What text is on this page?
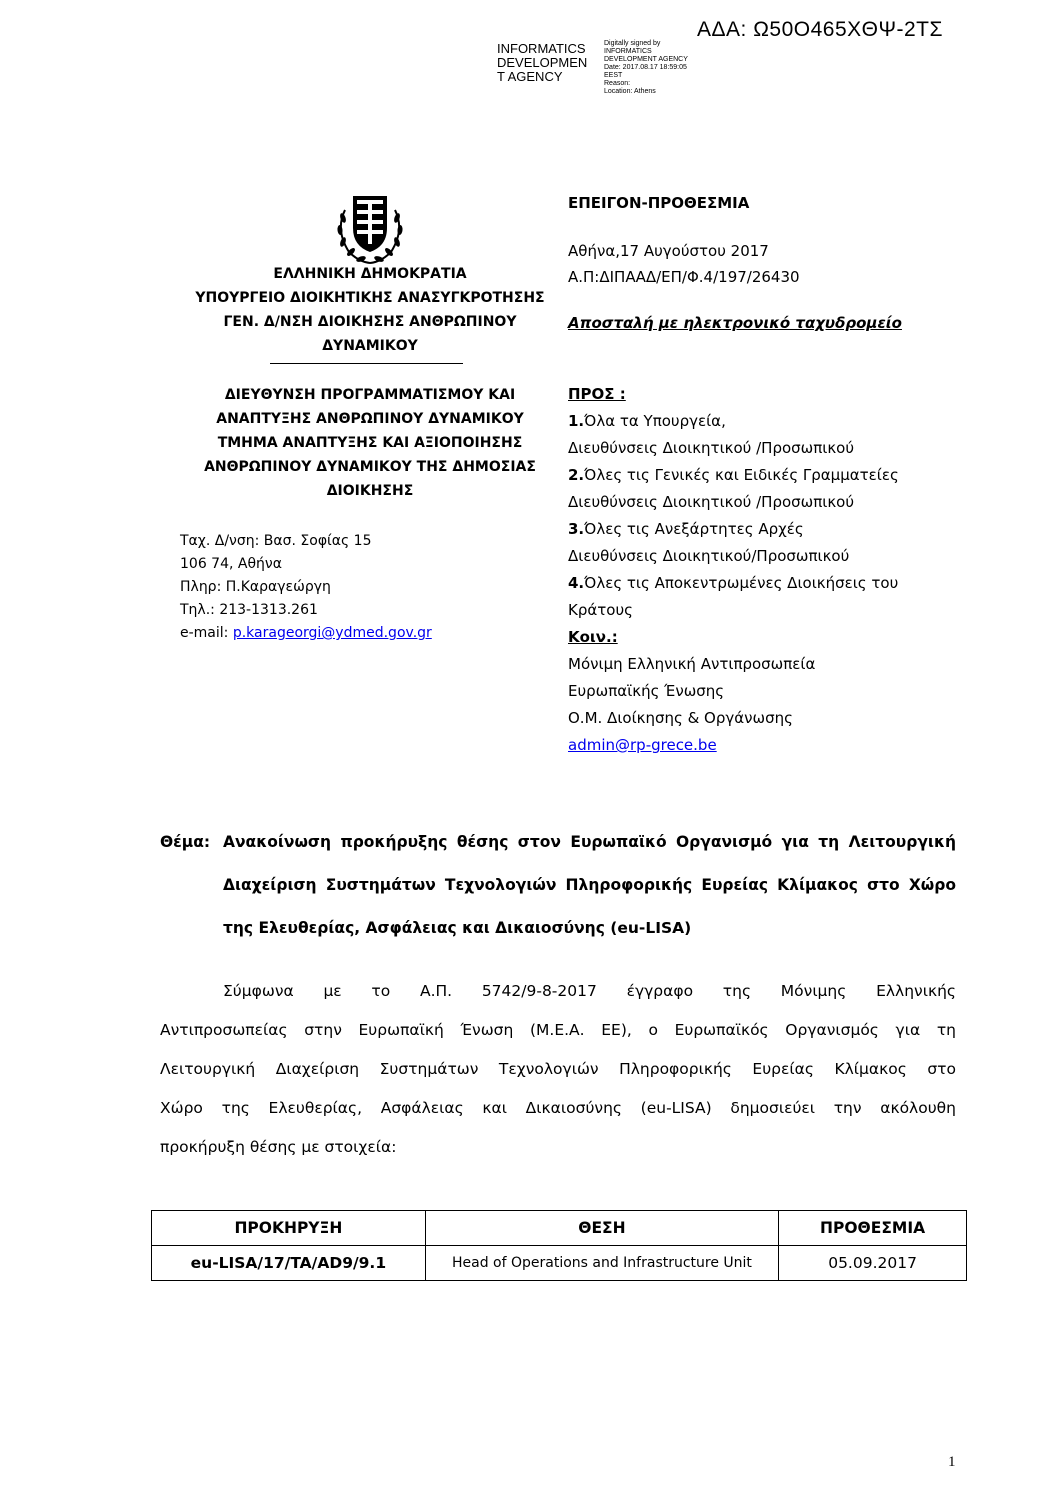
ΑΔΑ: Ω50Ο465ΧΘΨ-2ΤΣ
INFORMATICS
DEVELOPMEN
T AGENCY
Digitally signed by
INFORMATICS
DEVELOPMENT AGENCY
Date: 2017.08.17 18:59:05
EEST
Reason:
Location: Athens
ΕΛΛΗΝΙΚΗ ΔΗΜΟΚΡΑΤΙΑ
ΥΠΟΥΡΓΕΙΟ ΔΙΟΙΚΗΤΙΚΗΣ ΑΝΑΣΥΓΚΡΟΤΗΣΗΣ
ΓΕΝ. Δ/ΝΣΗ ΔΙΟΙΚΗΣΗΣ ΑΝΘΡΩΠΙΝΟΥ
ΔΥΝΑΜΙΚΟΥ
ΔΙΕΥΘΥΝΣΗ ΠΡΟΓΡΑΜΜΑΤΙΣΜΟΥ ΚΑΙ
ΑΝΑΠΤΥΞΗΣ ΑΝΘΡΩΠΙΝΟΥ ΔΥΝΑΜΙΚΟΥ
ΤΜΗΜΑ ΑΝΑΠΤΥΞΗΣ ΚΑΙ ΑΞΙΟΠΟΙΗΣΗΣ
ΑΝΘΡΩΠΙΝΟΥ ΔΥΝΑΜΙΚΟΥ ΤΗΣ ΔΗΜΟΣΙΑΣ
ΔΙΟΙΚΗΣΗΣ
Ταχ. Δ/νση: Βασ. Σοφίας 15
106 74, Αθήνα
Πληρ: Π.Καραγεώργη
Τηλ.: 213-1313.261
e-mail: p.karageorgi@ydmed.gov.gr
ΕΠΕΙΓΟΝ-ΠΡΟΘΕΣΜΙΑ
Αθήνα,17 Αυγούστου 2017
Α.Π:ΔΙΠΑΑΔ/ΕΠ/Φ.4/197/26430
Αποσταλή με ηλεκτρονικό ταχυδρομείο
ΠΡΟΣ :
1.Όλα τα Υπουργεία,
Διευθύνσεις Διοικητικού /Προσωπικού
2.Όλες τις Γενικές και Ειδικές Γραμματείες
Διευθύνσεις Διοικητικού /Προσωπικού
3.Όλες τις Ανεξάρτητες Αρχές
Διευθύνσεις Διοικητικού/Προσωπικού
4.Όλες τις Αποκεντρωμένες Διοικήσεις του
Κράτους
Κοιν.:
Μόνιμη Ελληνική Αντιπροσωπεία
Ευρωπαϊκής Ένωσης
Ο.Μ. Διοίκησης & Οργάνωσης
admin@rp-grece.be
Θέμα: Ανακοίνωση προκήρυξης θέσης στον Ευρωπαϊκό Οργανισμό για τη Λειτουργική
Διαχείριση Συστημάτων Τεχνολογιών Πληροφορικής Ευρείας Κλίμακος στο Χώρο
της Ελευθερίας, Ασφάλειας και Δικαιοσύνης (eu-LISA)
Σύμφωνα με το Α.Π. 5742/9-8-2017 έγγραφο της Μόνιμης Ελληνικής
Αντιπροσωπείας στην Ευρωπαϊκή Ένωση (Μ.Ε.Α. ΕΕ), ο Ευρωπαϊκός Οργανισμός για τη
Λειτουργική Διαχείριση Συστημάτων Τεχνολογιών Πληροφορικής Ευρείας Κλίμακος στο
Χώρο της Ελευθερίας, Ασφάλειας και Δικαιοσύνης (eu-LISA) δημοσιεύει την ακόλουθη
προκήρυξη θέσης με στοιχεία:
ΠΡΟΚΗΡΥΞΗ	ΘΕΣΗ	ΠΡΟΘΕΣΜΙΑ
eu-LISA/17/TA/AD9/9.1	Head of Operations and Infrastructure Unit	05.09.2017
1
